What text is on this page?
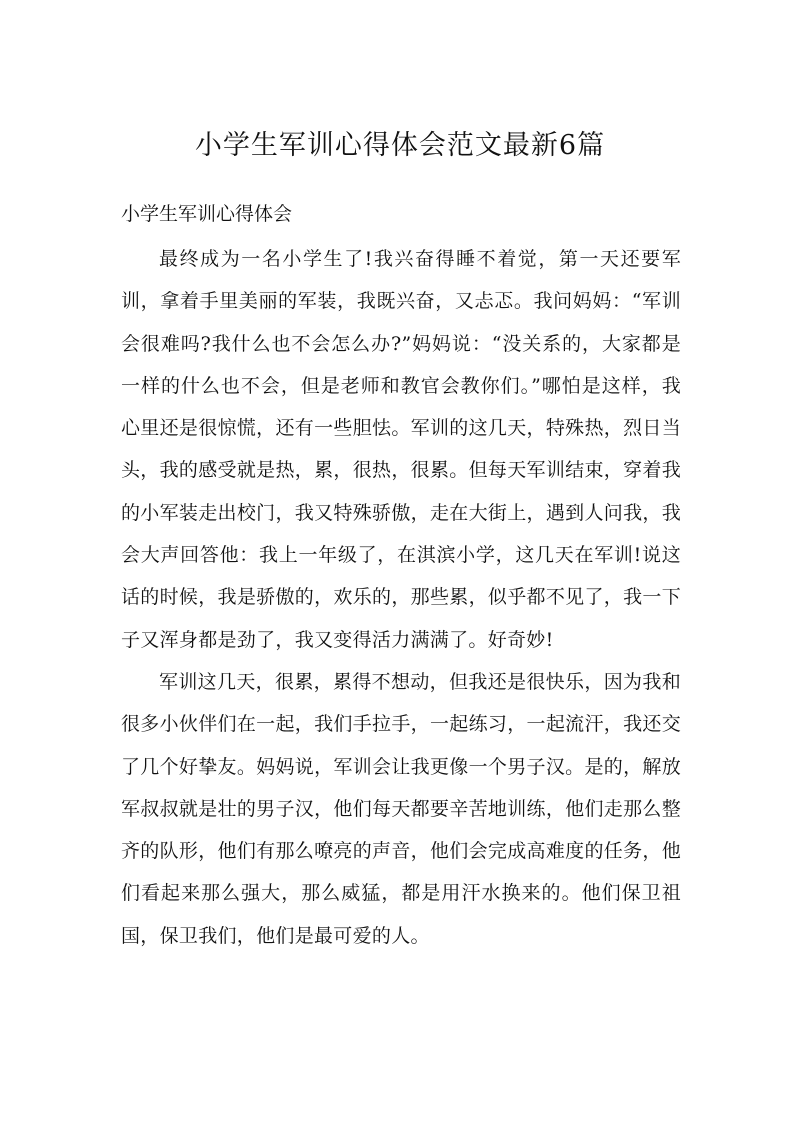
小学生军训心得体会范文最新6篇
小学生军训心得体会

最终成为一名小学生了!我兴奋得睡不着觉，第一天还要军训，拿着手里美丽的军装，我既兴奋，又忐忑。我问妈妈：“军训会很难吗?我什么也不会怎么办?”妈妈说：“没关系的，大家都是一样的什么也不会，但是老师和教官会教你们。”哪怕是这样，我心里还是很惊慌，还有一些胆怯。军训的这几天，特殊热，烈日当头，我的感受就是热，累，很热，很累。但每天军训结束，穿着我的小军装走出校门，我又特殊骄傲，走在大街上，遇到人问我，我会大声回答他：我上一年级了，在淇滨小学，这几天在军训!说这话的时候，我是骄傲的，欢乐的，那些累，似乎都不见了，我一下子又浑身都是劲了，我又变得活力满满了。好奇妙!

军训这几天，很累，累得不想动，但我还是很快乐，因为我和很多小伙伴们在一起，我们手拉手，一起练习，一起流汗，我还交了几个好挚友。妈妈说，军训会让我更像一个男子汉。是的，解放军叔叔就是壮的男子汉，他们每天都要辛苦地训练，他们走那么整齐的队形，他们有那么嘹亮的声音，他们会完成高难度的任务，他们看起来那么强大，那么威猛，都是用汗水换来的。他们保卫祖国，保卫我们，他们是最可爱的人。
